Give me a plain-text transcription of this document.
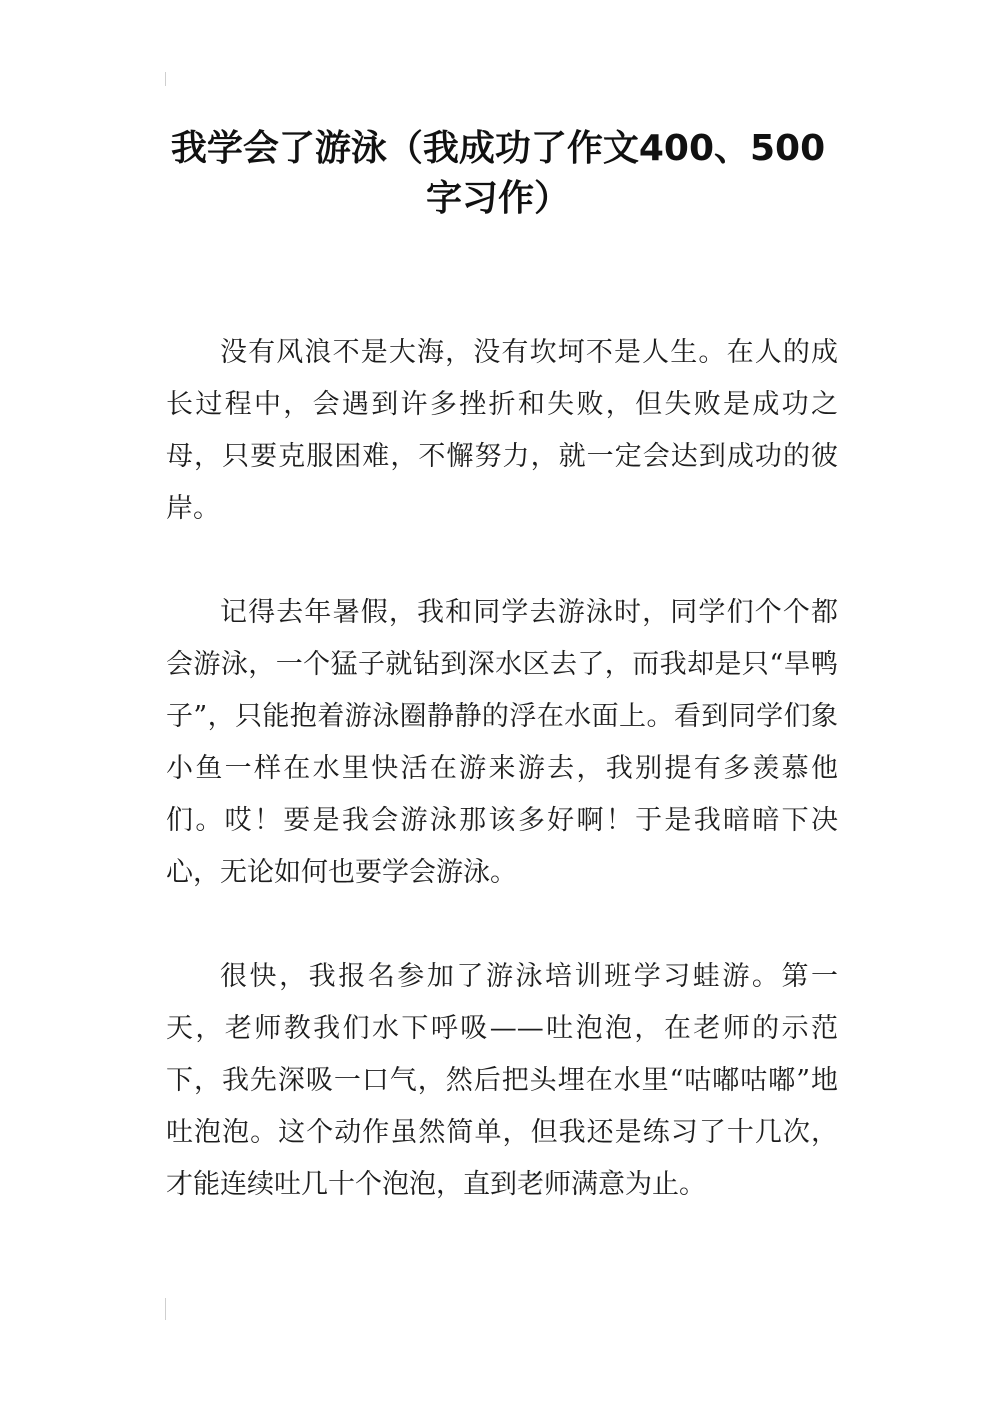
我学会了游泳（我成功了作文400、500字习作）

没有风浪不是大海，没有坎坷不是人生。在人的成长过程中，会遇到许多挫折和失败，但失败是成功之母，只要克服困难，不懈努力，就一定会达到成功的彼岸。

记得去年暑假，我和同学去游泳时，同学们个个都会游泳，一个猛子就钻到深水区去了，而我却是只“旱鸭子”，只能抱着游泳圈静静的浮在水面上。看到同学们象小鱼一样在水里快活在游来游去，我别提有多羡慕他们。哎！要是我会游泳那该多好啊！于是我暗暗下决心，无论如何也要学会游泳。

很快，我报名参加了游泳培训班学习蛙游。第一天，老师教我们水下呼吸——吐泡泡，在老师的示范下，我先深吸一口气，然后把头埋在水里“咕嘟咕嘟”地吐泡泡。这个动作虽然简单，但我还是练习了十几次，才能连续吐几十个泡泡，直到老师满意为止。
